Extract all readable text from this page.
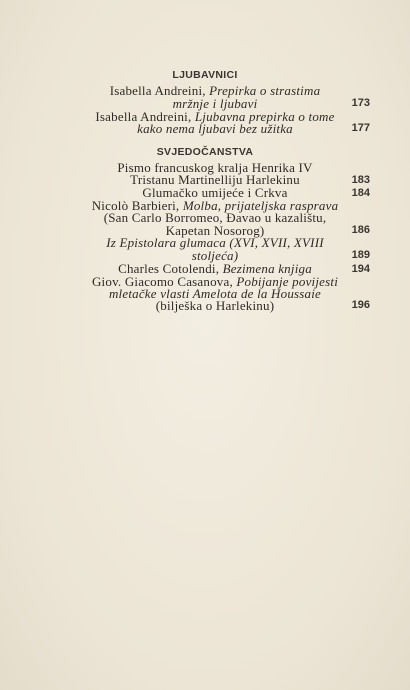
LJUBAVNICI
Isabella Andreini, Prepirka o strastima
mržnje i ljubavi	173
Isabella Andreini, Ljubavna prepirka o tome
kako nema ljubavi bez užitka	177
SVJEDOČANSTVA
Pismo francuskog kralja Henrika IV
Tristanu Martinelliju Harlekinu	183
Glumačko umijeće i Crkva	184
Nicolò Barbieri, Molba, prijateljska rasprava
(San Carlo Borromeo, Đavao u kazalištu,
Kapetan Nosorog)	186
Iz Epistolara glumaca (XVI, XVII, XVIII
stoljeća)	189
Charles Cotolendi, Bezimena knjiga	194
Giov. Giacomo Casanova, Pobijanje povijesti
mletačke vlasti Amelota de la Houssaie
(bilješka o Harlekinu)	196
